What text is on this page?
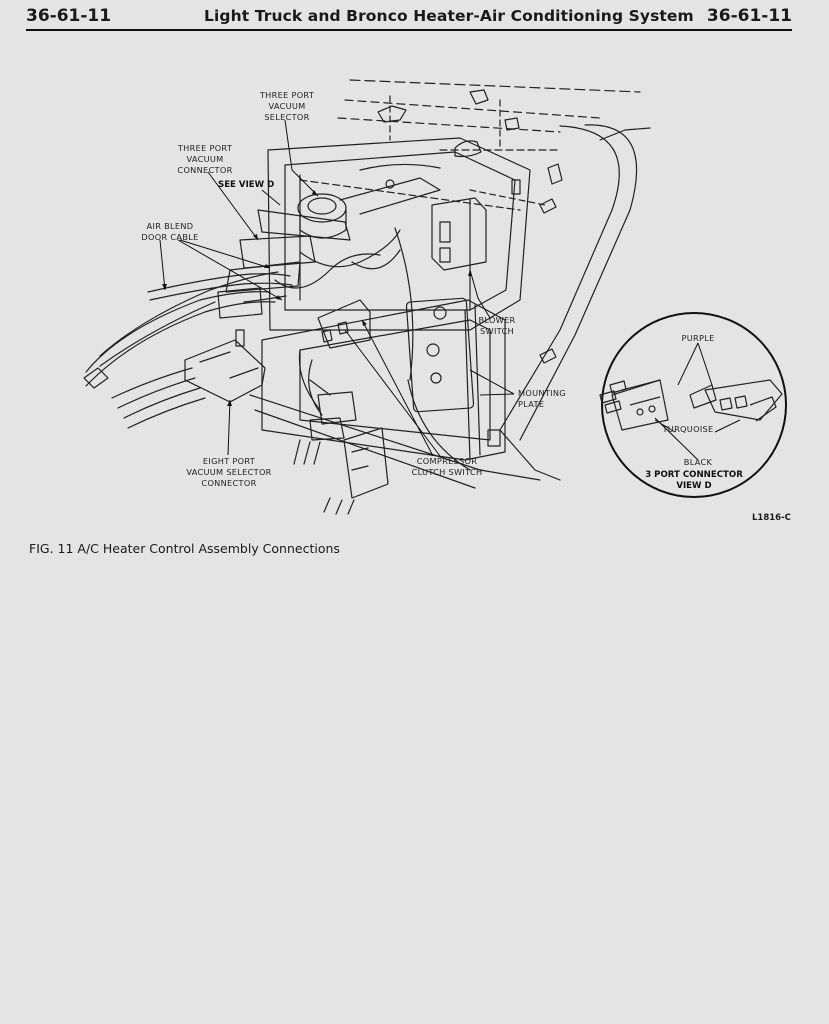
36-61-11	Light Truck and Bronco Heater-Air Conditioning System 36-61-11
THREE PORT
VACUUM
SELECTOR
THREE PORT
VACUUM
CONNECTOR
SEE VIEW D
AIR BLEND
DOOR CABLE
BLOWER
SWITCH
MOUNTING
PLATE
EIGHT PORT
VACUUM SELECTOR
CONNECTOR
COMPRESSOR
CLUTCH SWITCH
PURPLE
TURQUOISE
BLACK
3 PORT CONNECTOR
VIEW D
L1816-C
FIG. 11 A/C Heater Control Assembly Connections
